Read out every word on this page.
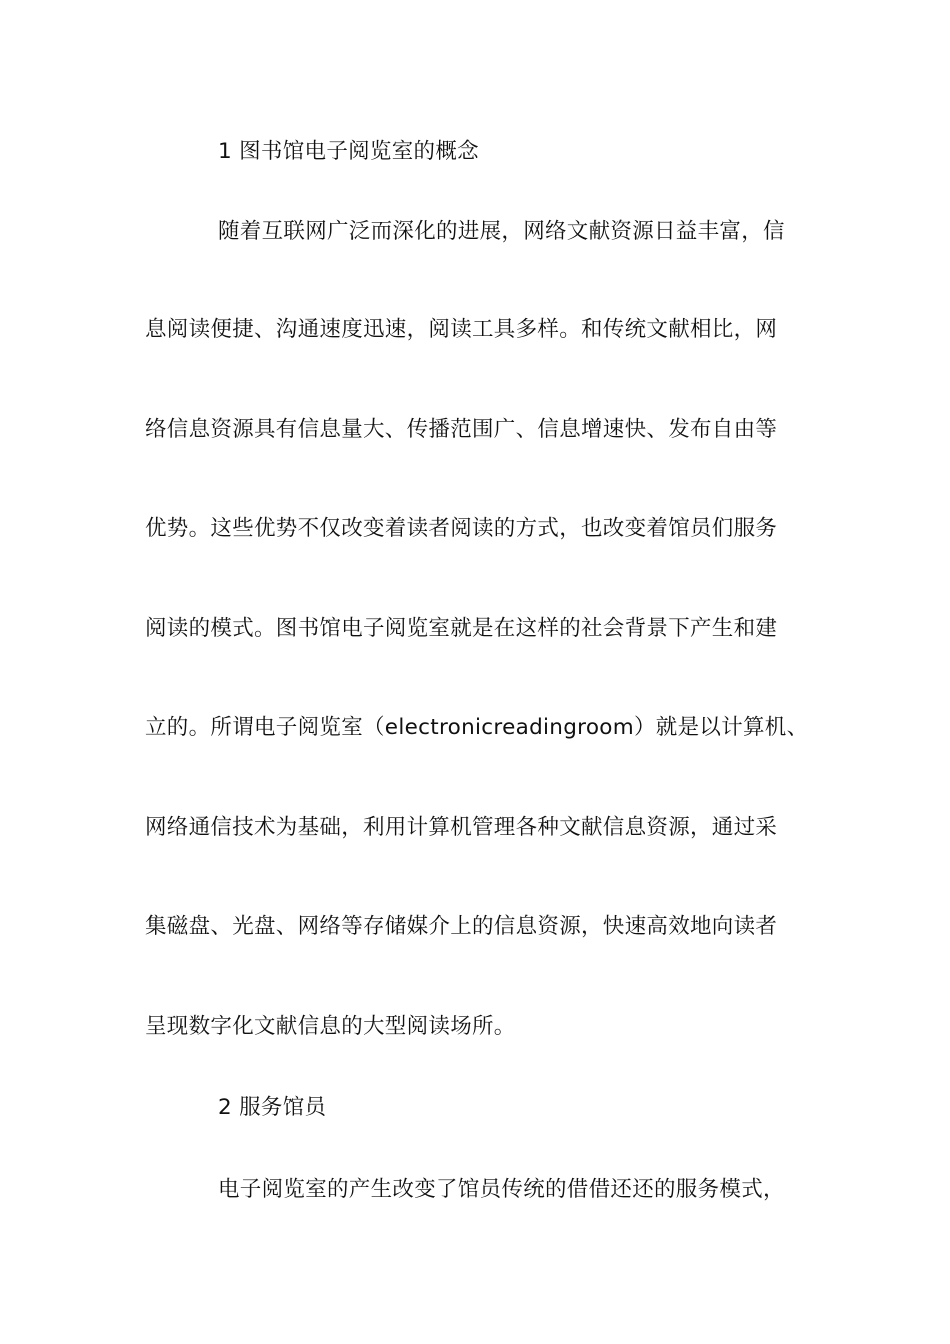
1 图书馆电子阅览室的概念
随着互联网广泛而深化的进展，网络文献资源日益丰富，信
息阅读便捷、沟通速度迅速，阅读工具多样。和传统文献相比，网
络信息资源具有信息量大、传播范围广、信息增速快、发布自由等
优势。这些优势不仅改变着读者阅读的方式，也改变着馆员们服务
阅读的模式。图书馆电子阅览室就是在这样的社会背景下产生和建
立的。所谓电子阅览室（electronicreadingroom）就是以计算机、
网络通信技术为基础，利用计算机管理各种文献信息资源，通过采
集磁盘、光盘、网络等存储媒介上的信息资源，快速高效地向读者
呈现数字化文献信息的大型阅读场所。
2 服务馆员
电子阅览室的产生改变了馆员传统的借借还还的服务模式，
